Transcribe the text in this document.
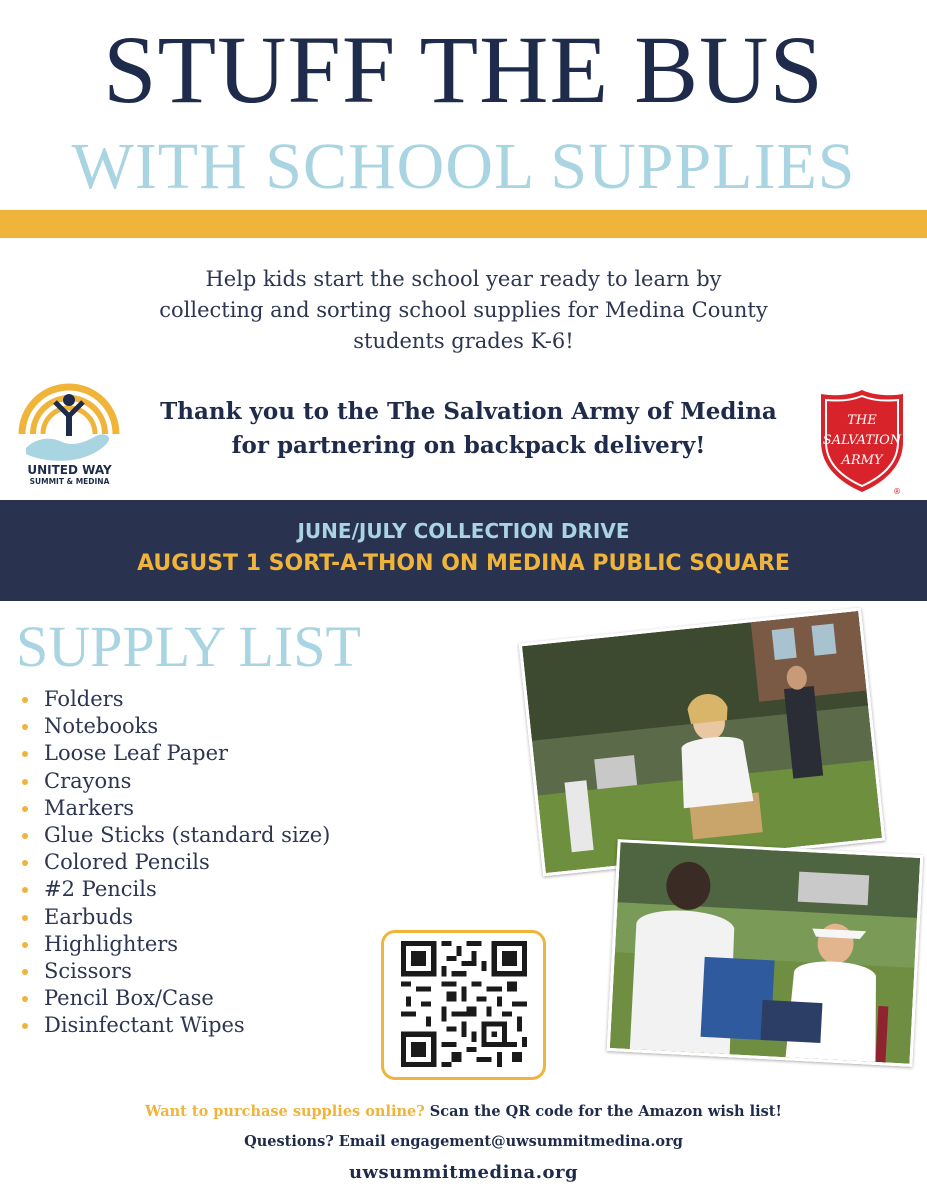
STUFF THE BUS
WITH SCHOOL SUPPLIES
Help kids start the school year ready to learn by
collecting and sorting school supplies for Medina County
students grades K-6!
UNITED WAY
SUMMIT & MEDINA
Thank you to the The Salvation Army of Medina
for partnering on backpack delivery!
THE
SALVATION
ARMY
®
JUNE/JULY COLLECTION DRIVE
AUGUST 1 SORT-A-THON ON MEDINA PUBLIC SQUARE
SUPPLY LIST
Folders
Notebooks
Loose Leaf Paper
Crayons
Markers
Glue Sticks (standard size)
Colored Pencils
#2 Pencils
Earbuds
Highlighters
Scissors
Pencil Box/Case
Disinfectant Wipes
Want to purchase supplies online? Scan the QR code for the Amazon wish list!
Questions? Email engagement@uwsummitmedina.org
uwsummitmedina.org
